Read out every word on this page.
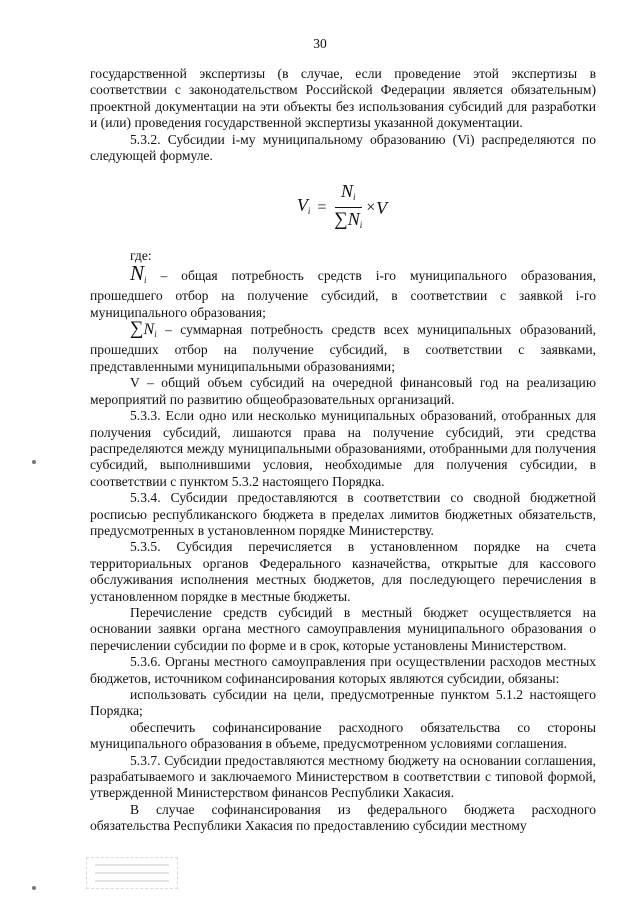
30

государственной экспертизы (в случае, если проведение этой экспертизы в соответствии с законодательством Российской Федерации является обязательным) проектной документации на эти объекты без использования субсидий для разработки и (или) проведения государственной экспертизы указанной документации.

5.3.2. Субсидии i-му муниципальному образованию (Vi) распределяются по следующей формуле.

$V_i = \frac{N_i}{\sum N_i} \times V$

где:

$N_i$ – общая потребность средств i-го муниципального образования, прошедшего отбор на получение субсидий, в соответствии с заявкой i-го муниципального образования;

$\sum N_i$ – суммарная потребность средств всех муниципальных образований, прошедших отбор на получение субсидий, в соответствии с заявками, представленными муниципальными образованиями;

V – общий объем субсидий на очередной финансовый год на реализацию мероприятий по развитию общеобразовательных организаций.

5.3.3. Если одно или несколько муниципальных образований, отобранных для получения субсидий, лишаются права на получение субсидий, эти средства распределяются между муниципальными образованиями, отобранными для получения субсидий, выполнившими условия, необходимые для получения субсидии, в соответствии с пунктом 5.3.2 настоящего Порядка.

5.3.4. Субсидии предоставляются в соответствии со сводной бюджетной росписью республиканского бюджета в пределах лимитов бюджетных обязательств, предусмотренных в установленном порядке Министерству.

5.3.5. Субсидия перечисляется в установленном порядке на счета территориальных органов Федерального казначейства, открытые для кассового обслуживания исполнения местных бюджетов, для последующего перечисления в установленном порядке в местные бюджеты.

Перечисление средств субсидий в местный бюджет осуществляется на основании заявки органа местного самоуправления муниципального образования о перечислении субсидии по форме и в срок, которые установлены Министерством.

5.3.6. Органы местного самоуправления при осуществлении расходов местных бюджетов, источником софинансирования которых являются субсидии, обязаны:

использовать субсидии на цели, предусмотренные пунктом 5.1.2 настоящего Порядка;

обеспечить софинансирование расходного обязательства со стороны муниципального образования в объеме, предусмотренном условиями соглашения.

5.3.7. Субсидии предоставляются местному бюджету на основании соглашения, разрабатываемого и заключаемого Министерством в соответствии с типовой формой, утвержденной Министерством финансов Республики Хакасия.

В случае софинансирования из федерального бюджета расходного обязательства Республики Хакасия по предоставлению субсидии местному
